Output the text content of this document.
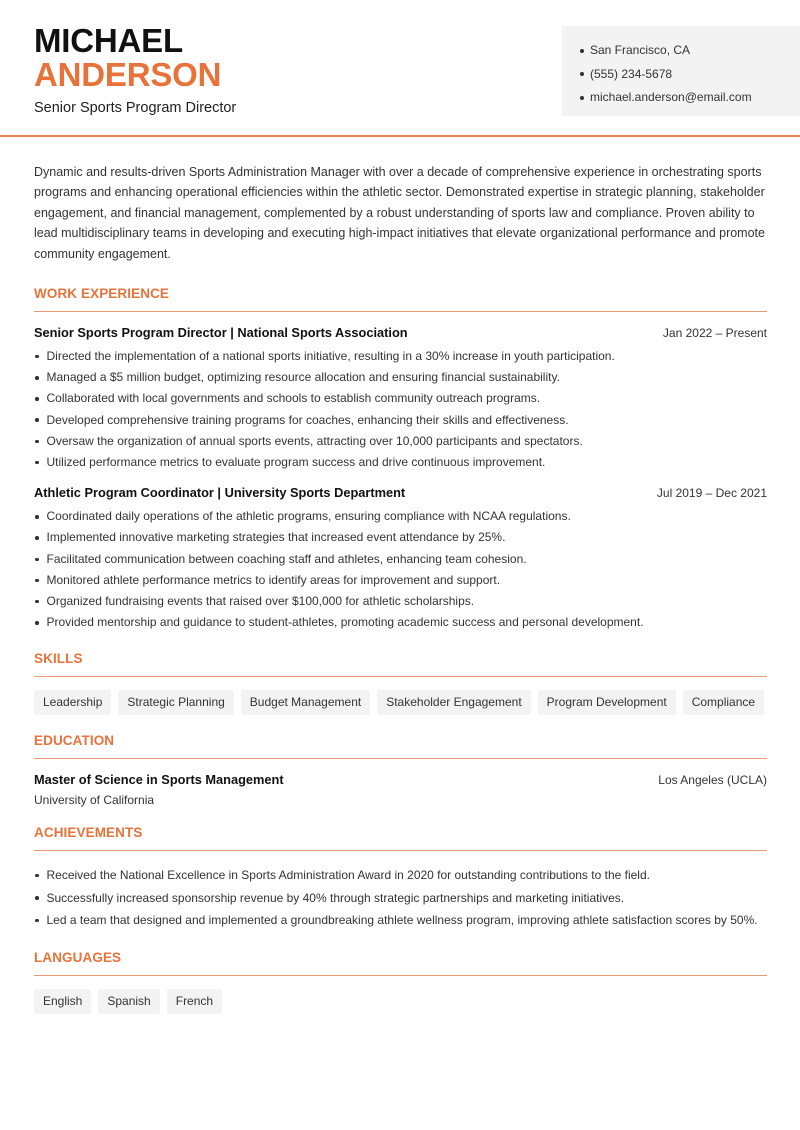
MICHAEL
ANDERSON
Senior Sports Program Director
San Francisco, CA
(555) 234-5678
michael.anderson@email.com

Dynamic and results-driven Sports Administration Manager with over a decade of comprehensive experience in orchestrating sports programs and enhancing operational efficiencies within the athletic sector. Demonstrated expertise in strategic planning, stakeholder engagement, and financial management, complemented by a robust understanding of sports law and compliance. Proven ability to lead multidisciplinary teams in developing and executing high-impact initiatives that elevate organizational performance and promote community engagement.

WORK EXPERIENCE
Senior Sports Program Director | National Sports Association	Jan 2022 – Present
Directed the implementation of a national sports initiative, resulting in a 30% increase in youth participation.
Managed a $5 million budget, optimizing resource allocation and ensuring financial sustainability.
Collaborated with local governments and schools to establish community outreach programs.
Developed comprehensive training programs for coaches, enhancing their skills and effectiveness.
Oversaw the organization of annual sports events, attracting over 10,000 participants and spectators.
Utilized performance metrics to evaluate program success and drive continuous improvement.
Athletic Program Coordinator | University Sports Department	Jul 2019 – Dec 2021
Coordinated daily operations of the athletic programs, ensuring compliance with NCAA regulations.
Implemented innovative marketing strategies that increased event attendance by 25%.
Facilitated communication between coaching staff and athletes, enhancing team cohesion.
Monitored athlete performance metrics to identify areas for improvement and support.
Organized fundraising events that raised over $100,000 for athletic scholarships.
Provided mentorship and guidance to student-athletes, promoting academic success and personal development.
SKILLS
Leadership	Strategic Planning	Budget Management	Stakeholder Engagement	Program Development	Compliance
EDUCATION
Master of Science in Sports Management	Los Angeles (UCLA)
University of California
ACHIEVEMENTS
Received the National Excellence in Sports Administration Award in 2020 for outstanding contributions to the field.
Successfully increased sponsorship revenue by 40% through strategic partnerships and marketing initiatives.
Led a team that designed and implemented a groundbreaking athlete wellness program, improving athlete satisfaction scores by 50%.
LANGUAGES
English	Spanish	French
